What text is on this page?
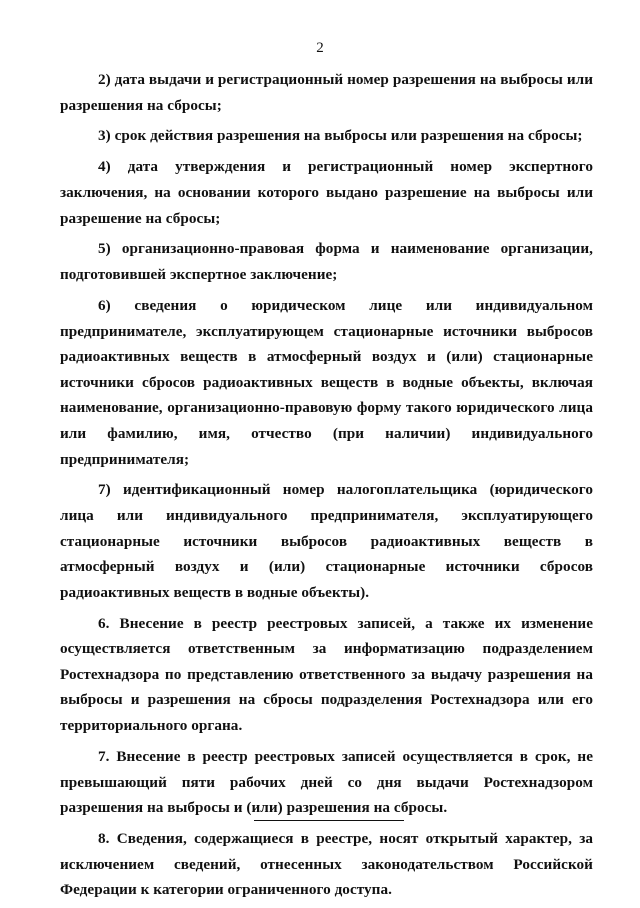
2

2) дата выдачи и регистрационный номер разрешения на выбросы или разрешения на сбросы;

3) срок действия разрешения на выбросы или разрешения на сбросы;

4) дата утверждения и регистрационный номер экспертного заключения, на основании которого выдано разрешение на выбросы или разрешение на сбросы;

5) организационно-правовая форма и наименование организации, подготовившей экспертное заключение;

6) сведения о юридическом лице или индивидуальном предпринимателе, эксплуатирующем стационарные источники выбросов радиоактивных веществ в атмосферный воздух и (или) стационарные источники сбросов радиоактивных веществ в водные объекты, включая наименование, организационно-правовую форму такого юридического лица или фамилию, имя, отчество (при наличии) индивидуального предпринимателя;

7) идентификационный номер налогоплательщика (юридического лица или индивидуального предпринимателя, эксплуатирующего стационарные источники выбросов радиоактивных веществ в атмосферный воздух и (или) стационарные источники сбросов радиоактивных веществ в водные объекты).

6. Внесение в реестр реестровых записей, а также их изменение осуществляется ответственным за информатизацию подразделением Ростехнадзора по представлению ответственного за выдачу разрешения на выбросы и разрешения на сбросы подразделения Ростехнадзора или его территориального органа.

7. Внесение в реестр реестровых записей осуществляется в срок, не превышающий пяти рабочих дней со дня выдачи Ростехнадзором разрешения на выбросы и (или) разрешения на сбросы.

8. Сведения, содержащиеся в реестре, носят открытый характер, за исключением сведений, отнесенных законодательством Российской Федерации к категории ограниченного доступа.
